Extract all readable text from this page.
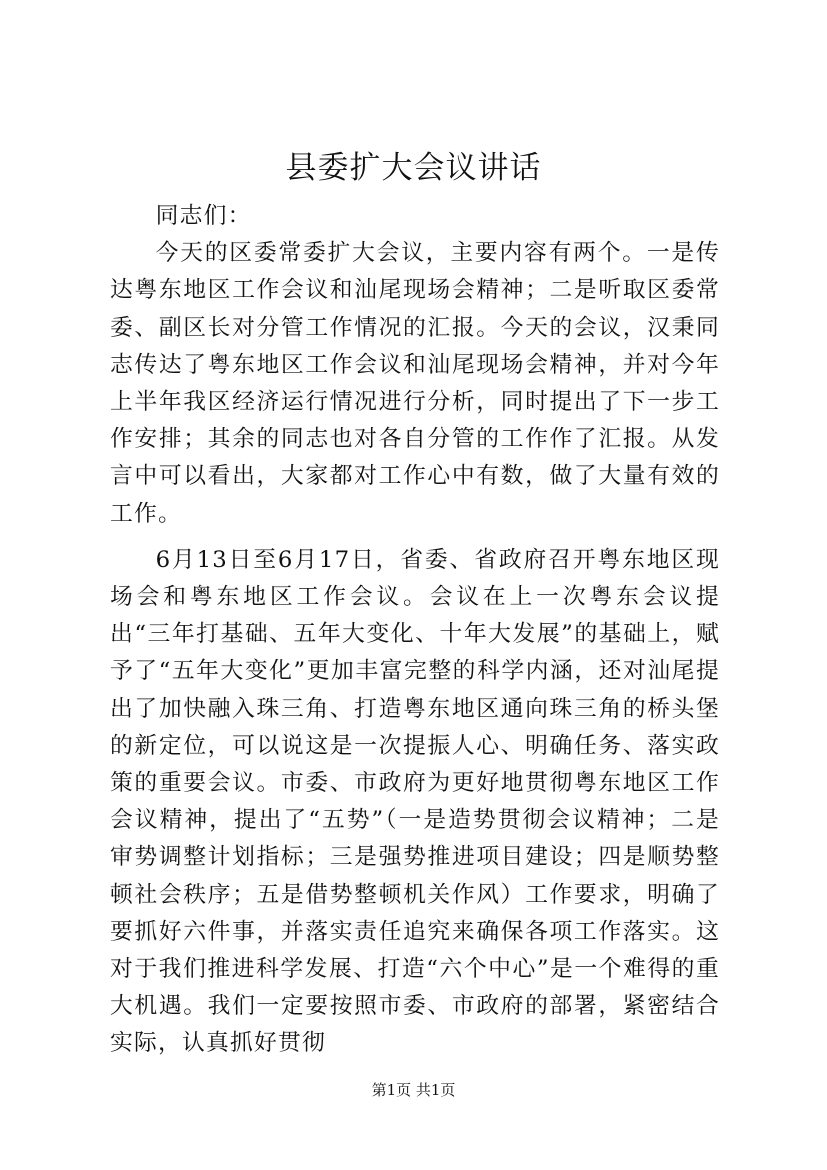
县委扩大会议讲话

同志们：

今天的区委常委扩大会议，主要内容有两个。一是传达粤东地区工作会议和汕尾现场会精神；二是听取区委常委、副区长对分管工作情况的汇报。今天的会议，汉秉同志传达了粤东地区工作会议和汕尾现场会精神，并对今年上半年我区经济运行情况进行分析，同时提出了下一步工作安排；其余的同志也对各自分管的工作作了汇报。从发言中可以看出，大家都对工作心中有数，做了大量有效的工作。

6月13日至6月17日，省委、省政府召开粤东地区现场会和粤东地区工作会议。会议在上一次粤东会议提出“三年打基础、五年大变化、十年大发展”的基础上，赋予了“五年大变化”更加丰富完整的科学内涵，还对汕尾提出了加快融入珠三角、打造粤东地区通向珠三角的桥头堡的新定位，可以说这是一次提振人心、明确任务、落实政策的重要会议。市委、市政府为更好地贯彻粤东地区工作会议精神，提出了“五势”（一是造势贯彻会议精神；二是审势调整计划指标；三是强势推进项目建设；四是顺势整顿社会秩序；五是借势整顿机关作风）工作要求，明确了要抓好六件事，并落实责任追究来确保各项工作落实。这对于我们推进科学发展、打造“六个中心”是一个难得的重大机遇。我们一定要按照市委、市政府的部署，紧密结合实际，认真抓好贯彻

第1页 共1页
